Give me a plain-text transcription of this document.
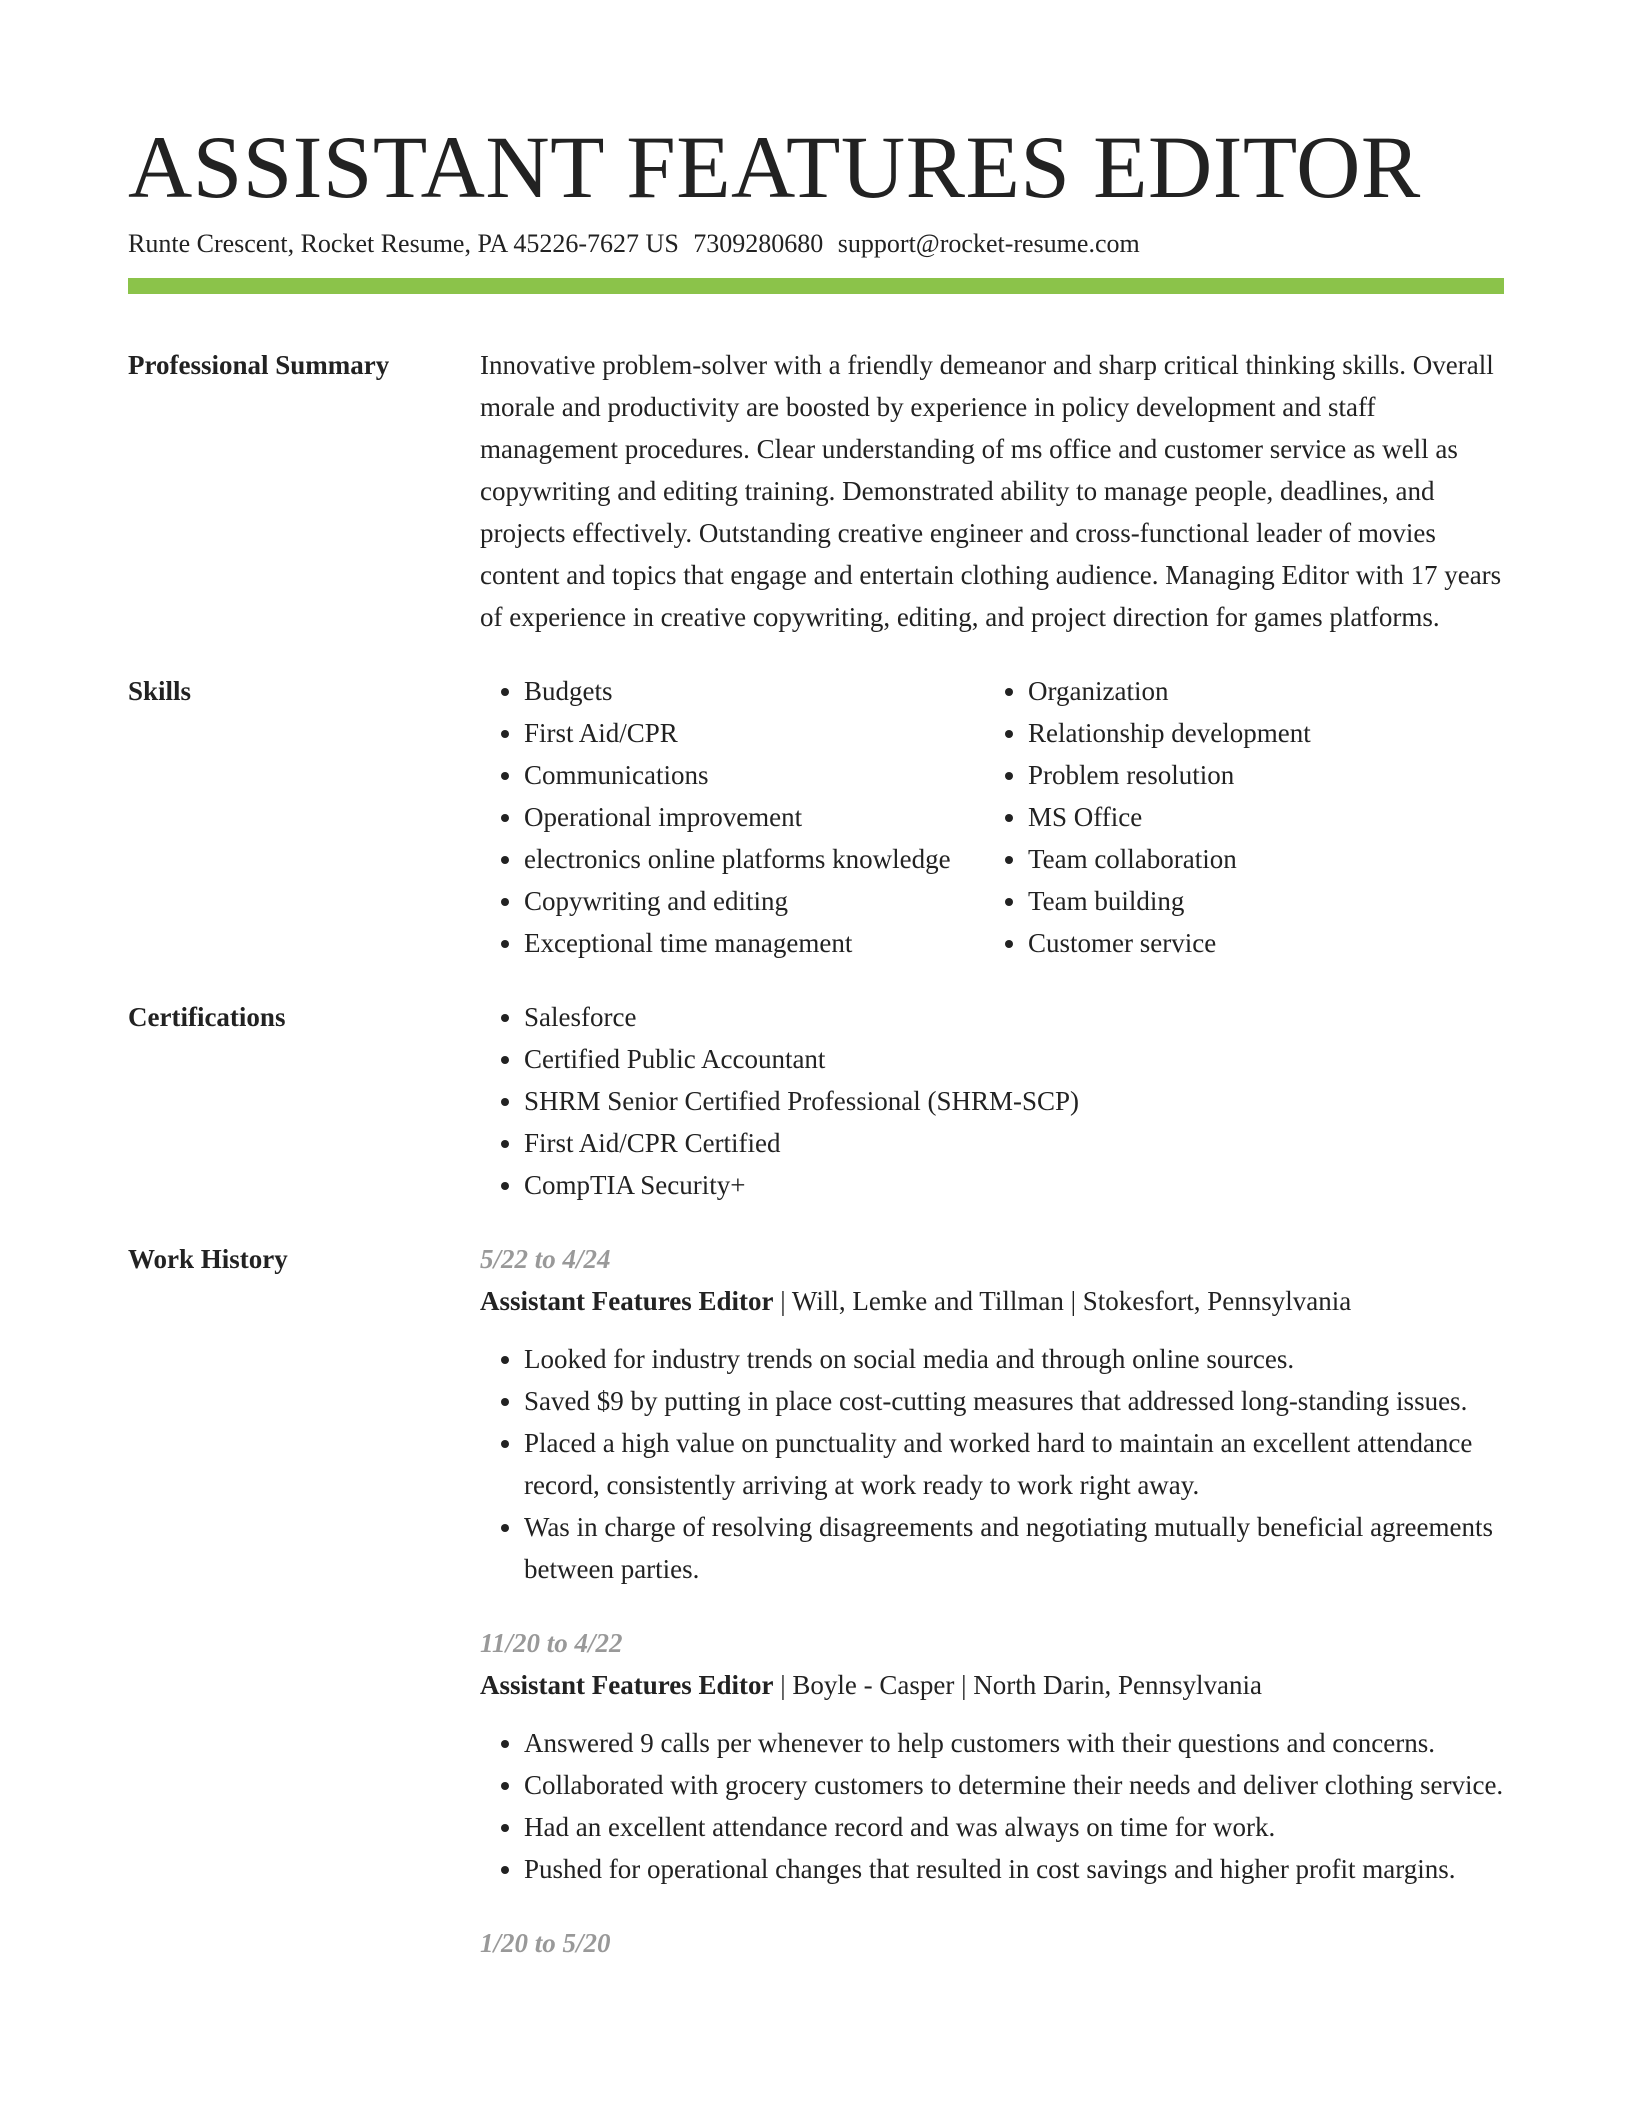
ASSISTANT FEATURES EDITOR
Runte Crescent, Rocket Resume, PA 45226-7627 US 7309280680 support@rocket-resume.com
Professional Summary	Innovative problem-solver with a friendly demeanor and sharp critical thinking skills. Overall morale and productivity are boosted by experience in policy development and staff management procedures. Clear understanding of ms office and customer service as well as copywriting and editing training. Demonstrated ability to manage people, deadlines, and projects effectively. Outstanding creative engineer and cross-functional leader of movies content and topics that engage and entertain clothing audience. Managing Editor with 17 years of experience in creative copywriting, editing, and project direction for games platforms.

Skills	• Budgets
• First Aid/CPR
• Communications
• Operational improvement
• electronics online platforms knowledge
• Copywriting and editing
• Exceptional time management
• Organization
• Relationship development
• Problem resolution
• MS Office
• Team collaboration
• Team building
• Customer service
Certifications	• Salesforce
• Certified Public Accountant
• SHRM Senior Certified Professional (SHRM-SCP)
• First Aid/CPR Certified
• CompTIA Security+
Work History	5/22 to 4/24
Assistant Features Editor | Will, Lemke and Tillman | Stokesfort, Pennsylvania
• Looked for industry trends on social media and through online sources.
• Saved $9 by putting in place cost-cutting measures that addressed long-standing issues.
• Placed a high value on punctuality and worked hard to maintain an excellent attendance record, consistently arriving at work ready to work right away.
• Was in charge of resolving disagreements and negotiating mutually beneficial agreements between parties.
11/20 to 4/22
Assistant Features Editor | Boyle - Casper | North Darin, Pennsylvania
• Answered 9 calls per whenever to help customers with their questions and concerns.
• Collaborated with grocery customers to determine their needs and deliver clothing service.
• Had an excellent attendance record and was always on time for work.
• Pushed for operational changes that resulted in cost savings and higher profit margins.
1/20 to 5/20
